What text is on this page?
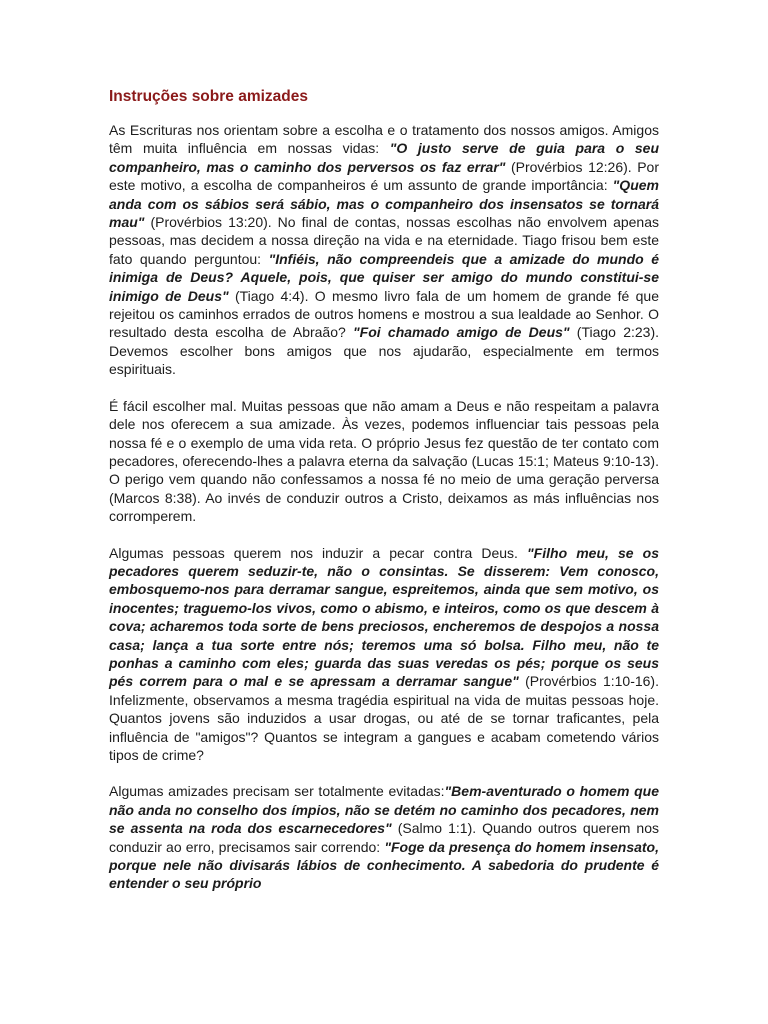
Instruções sobre amizades

As Escrituras nos orientam sobre a escolha e o tratamento dos nossos amigos. Amigos têm muita influência em nossas vidas: "O justo serve de guia para o seu companheiro, mas o caminho dos perversos os faz errar" (Provérbios 12:26). Por este motivo, a escolha de companheiros é um assunto de grande importância: "Quem anda com os sábios será sábio, mas o companheiro dos insensatos se tornará mau" (Provérbios 13:20). No final de contas, nossas escolhas não envolvem apenas pessoas, mas decidem a nossa direção na vida e na eternidade. Tiago frisou bem este fato quando perguntou: "Infiéis, não compreendeis que a amizade do mundo é inimiga de Deus? Aquele, pois, que quiser ser amigo do mundo constitui-se inimigo de Deus" (Tiago 4:4). O mesmo livro fala de um homem de grande fé que rejeitou os caminhos errados de outros homens e mostrou a sua lealdade ao Senhor. O resultado desta escolha de Abraão? "Foi chamado amigo de Deus" (Tiago 2:23). Devemos escolher bons amigos que nos ajudarão, especialmente em termos espirituais.

É fácil escolher mal. Muitas pessoas que não amam a Deus e não respeitam a palavra dele nos oferecem a sua amizade. Às vezes, podemos influenciar tais pessoas pela nossa fé e o exemplo de uma vida reta. O próprio Jesus fez questão de ter contato com pecadores, oferecendo-lhes a palavra eterna da salvação (Lucas 15:1; Mateus 9:10-13). O perigo vem quando não confessamos a nossa fé no meio de uma geração perversa (Marcos 8:38). Ao invés de conduzir outros a Cristo, deixamos as más influências nos corromperem.

Algumas pessoas querem nos induzir a pecar contra Deus. "Filho meu, se os pecadores querem seduzir-te, não o consintas. Se disserem: Vem conosco, embosquemo-nos para derramar sangue, espreitemos, ainda que sem motivo, os inocentes; traguemo-los vivos, como o abismo, e inteiros, como os que descem à cova; acharemos toda sorte de bens preciosos, encheremos de despojos a nossa casa; lança a tua sorte entre nós; teremos uma só bolsa. Filho meu, não te ponhas a caminho com eles; guarda das suas veredas os pés; porque os seus pés correm para o mal e se apressam a derramar sangue" (Provérbios 1:10-16). Infelizmente, observamos a mesma tragédia espiritual na vida de muitas pessoas hoje. Quantos jovens são induzidos a usar drogas, ou até de se tornar traficantes, pela influência de "amigos"? Quantos se integram a gangues e acabam cometendo vários tipos de crime?

Algumas amizades precisam ser totalmente evitadas:"Bem-aventurado o homem que não anda no conselho dos ímpios, não se detém no caminho dos pecadores, nem se assenta na roda dos escarnecedores" (Salmo 1:1). Quando outros querem nos conduzir ao erro, precisamos sair correndo: "Foge da presença do homem insensato, porque nele não divisarás lábios de conhecimento. A sabedoria do prudente é entender o seu próprio
